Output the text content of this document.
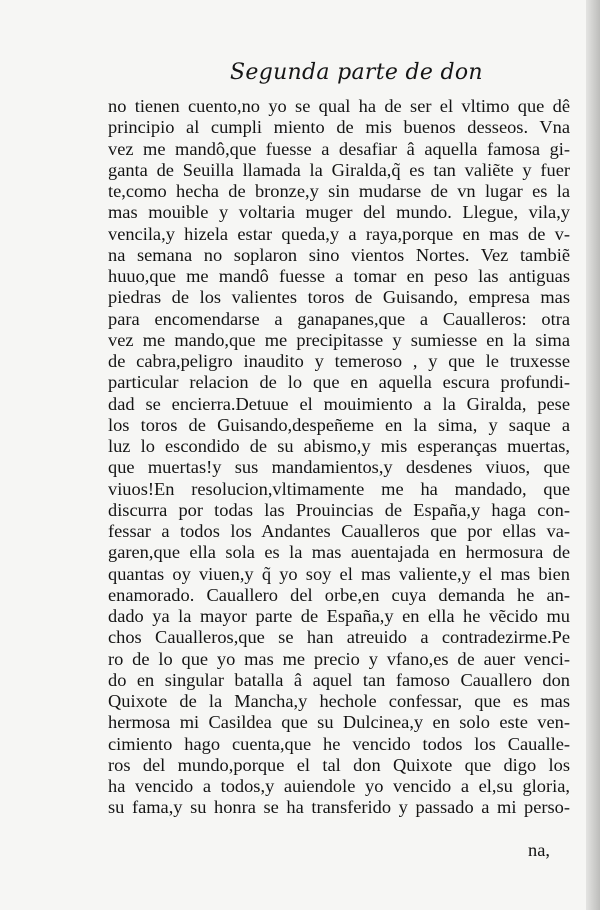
Segunda parte de don
no tienen cuento,no yo se qual ha de ser el vltimo que dê
principio al cumpli miento de mis buenos desseos. Vna
vez me mandô,que fuesse a desafiar â aquella famosa gi-
ganta de Seuilla llamada la Giralda,q̃ es tan valiẽte y fuer
te,como hecha de bronze,y sin mudarse de vn lugar es la
mas mouible y voltaria muger del mundo. Llegue, vila,y
vencila,y hizela estar queda,y a raya,porque en mas de v-
na semana no soplaron sino vientos Nortes. Vez tambiẽ
huuo,que me mandô fuesse a tomar en peso las antiguas
piedras de los valientes toros de Guisando, empresa mas
para encomendarse a ganapanes,que a Caualleros: otra
vez me mando,que me precipitasse y sumiesse en la sima
de cabra,peligro inaudito y temeroso , y que le truxesse
particular relacion de lo que en aquella escura profundi-
dad se encierra.Detuue el mouimiento a la Giralda, pese
los toros de Guisando,despeñeme en la sima, y saque a
luz lo escondido de su abismo,y mis esperanças muertas,
que muertas!y sus mandamientos,y desdenes viuos, que
viuos!En resolucion,vltimamente me ha mandado, que
discurra por todas las Prouincias de España,y haga con-
fessar a todos los Andantes Caualleros que por ellas va-
garen,que ella sola es la mas auentajada en hermosura de
quantas oy viuen,y q̃ yo soy el mas valiente,y el mas bien
enamorado. Cauallero del orbe,en cuya demanda he an-
dado ya la mayor parte de España,y en ella he vẽcido mu
chos Caualleros,que se han atreuido a contradezirme.Pe
ro de lo que yo mas me precio y vfano,es de auer venci-
do en singular batalla â aquel tan famoso Cauallero don
Quixote de la Mancha,y hechole confessar, que es mas
hermosa mi Casildea que su Dulcinea,y en solo este ven-
cimiento hago cuenta,que he vencido todos los Caualle-
ros del mundo,porque el tal don Quixote que digo los
ha vencido a todos,y auiendole yo vencido a el,su gloria,
su fama,y su honra se ha transferido y passado a mi perso-
na,
